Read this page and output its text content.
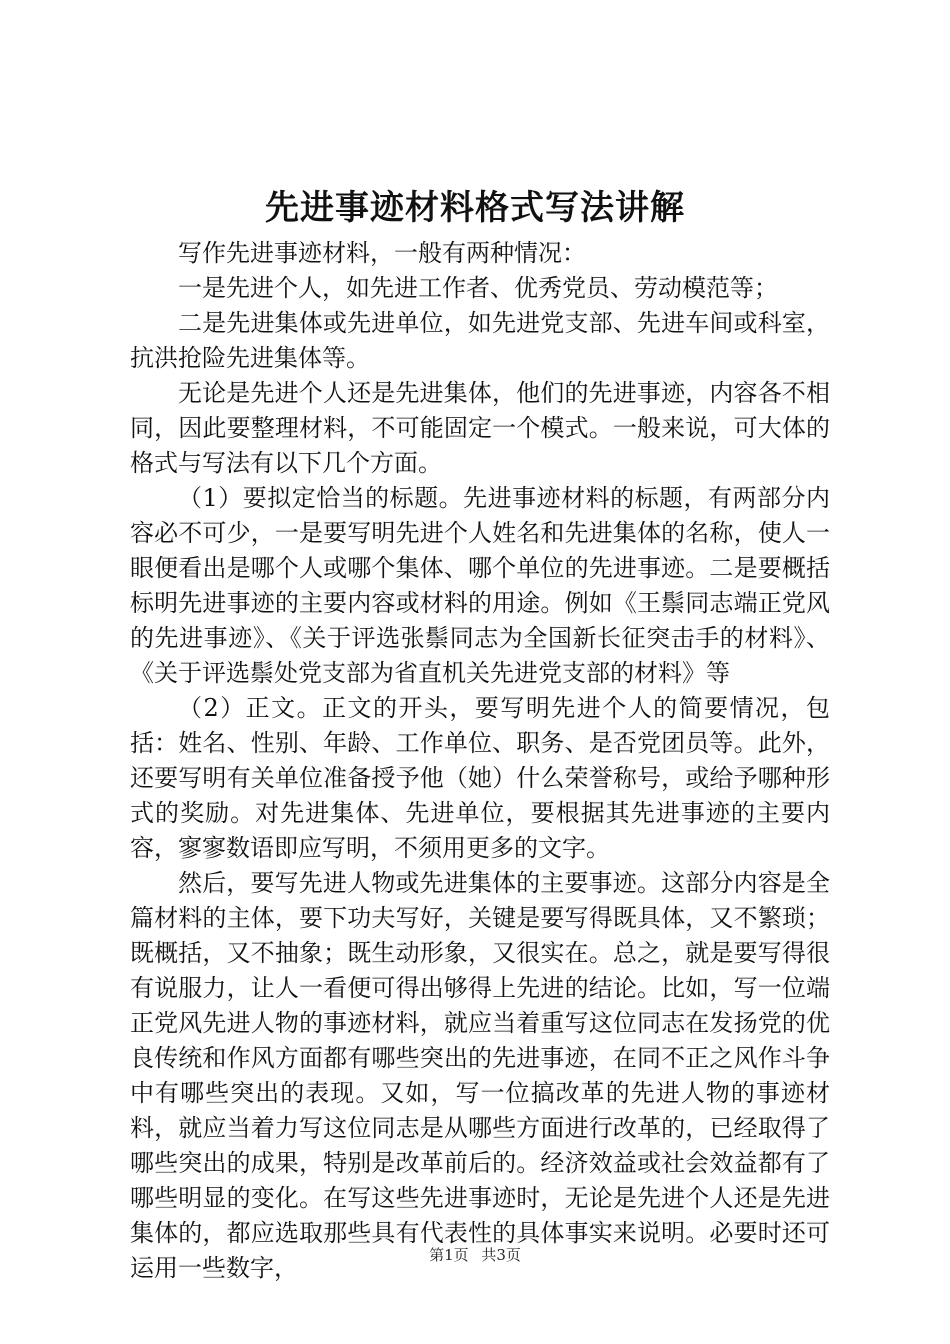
先进事迹材料格式写法讲解

写作先进事迹材料，一般有两种情况：

一是先进个人，如先进工作者、优秀党员、劳动模范等；

二是先进集体或先进单位，如先进党支部、先进车间或科室，抗洪抢险先进集体等。

无论是先进个人还是先进集体，他们的先进事迹，内容各不相同，因此要整理材料，不可能固定一个模式。一般来说，可大体的格式与写法有以下几个方面。

（1）要拟定恰当的标题。先进事迹材料的标题，有两部分内容必不可少，一是要写明先进个人姓名和先进集体的名称，使人一眼便看出是哪个人或哪个集体、哪个单位的先进事迹。二是要概括标明先进事迹的主要内容或材料的用途。例如《王鬃同志端正党风的先进事迹》、《关于评选张鬃同志为全国新长征突击手的材料》、《关于评选鬃处党支部为省直机关先进党支部的材料》等

（2）正文。正文的开头，要写明先进个人的简要情况，包括：姓名、性别、年龄、工作单位、职务、是否党团员等。此外，还要写明有关单位准备授予他（她）什么荣誉称号，或给予哪种形式的奖励。对先进集体、先进单位，要根据其先进事迹的主要内容，寥寥数语即应写明，不须用更多的文字。

然后，要写先进人物或先进集体的主要事迹。这部分内容是全篇材料的主体，要下功夫写好，关键是要写得既具体，又不繁琐；既概括，又不抽象；既生动形象，又很实在。总之，就是要写得很有说服力，让人一看便可得出够得上先进的结论。比如，写一位端正党风先进人物的事迹材料，就应当着重写这位同志在发扬党的优良传统和作风方面都有哪些突出的先进事迹，在同不正之风作斗争中有哪些突出的表现。又如，写一位搞改革的先进人物的事迹材料，就应当着力写这位同志是从哪些方面进行改革的，已经取得了哪些突出的成果，特别是改革前后的。经济效益或社会效益都有了哪些明显的变化。在写这些先进事迹时，无论是先进个人还是先进集体的，都应选取那些具有代表性的具体事实来说明。必要时还可运用一些数字，	第1页 共3页
